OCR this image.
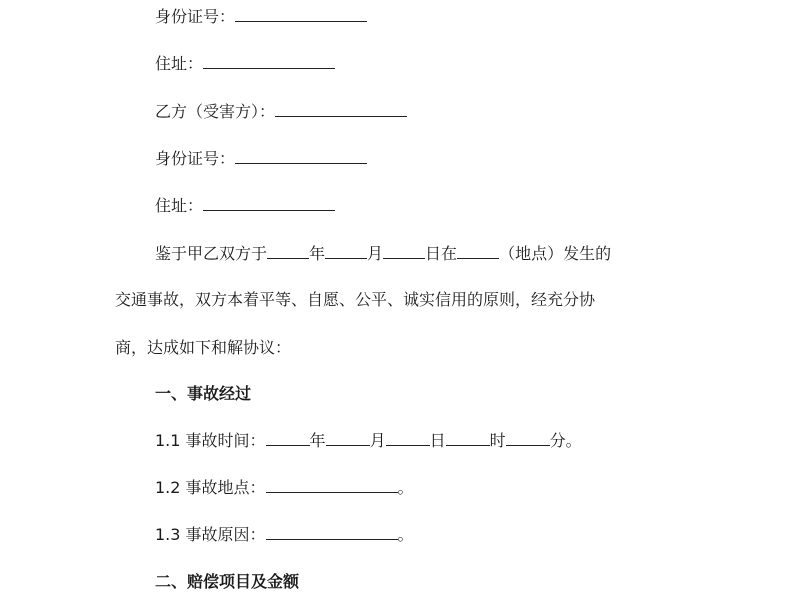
身份证号：
住址：
乙方（受害方）：
身份证号：
住址：
鉴于甲乙双方于	年	月	日在	（地点）发生的
交通事故，双方本着平等、自愿、公平、诚实信用的原则，经充分协
商，达成如下和解协议：
一、事故经过
1.1 事故时间：	年	月	日	时	分。
1.2 事故地点：	。
1.3 事故原因：	。
二、赔偿项目及金额
